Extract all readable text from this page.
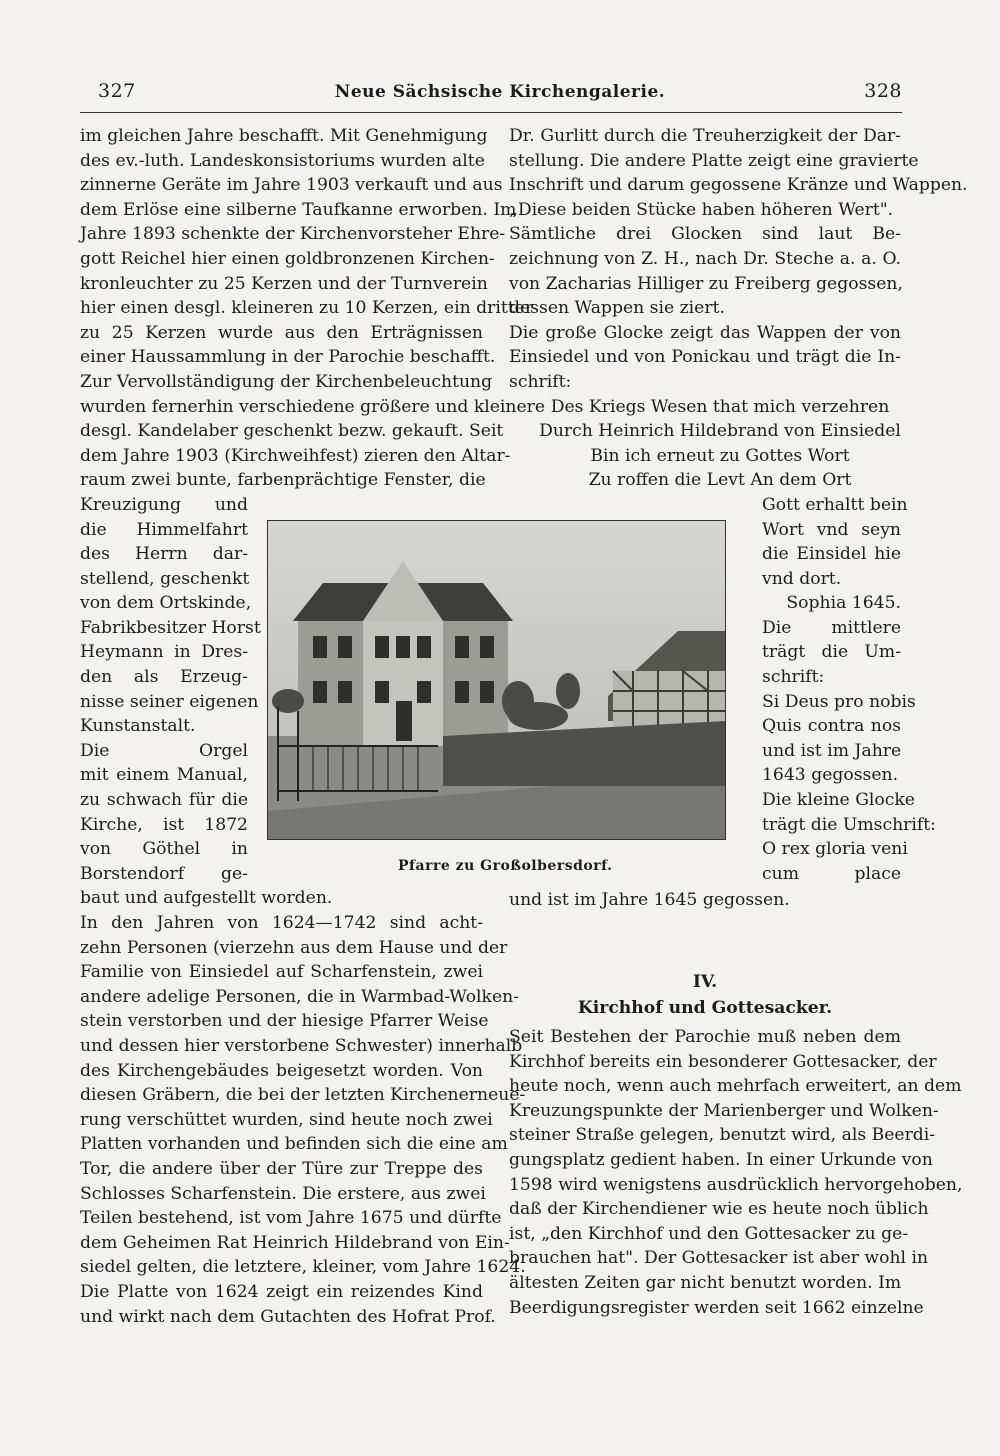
327	Neue Sächsische Kirchengalerie.	328
im gleichen Jahre beschafft. Mit Genehmigung
des ev.-luth. Landeskonsistoriums wurden alte
zinnerne Geräte im Jahre 1903 verkauft und aus
dem Erlöse eine silberne Taufkanne erworben. Im
Jahre 1893 schenkte der Kirchenvorsteher Ehre-
gott Reichel hier einen goldbronzenen Kirchen-
kronleuchter zu 25 Kerzen und der Turnverein
hier einen desgl. kleineren zu 10 Kerzen, ein dritter
zu 25 Kerzen wurde aus den Erträgnissen
einer Haussammlung in der Parochie beschafft.
Zur Vervollständigung der Kirchenbeleuchtung
wurden fernerhin verschiedene größere und kleinere
desgl. Kandelaber geschenkt bezw. gekauft. Seit
dem Jahre 1903 (Kirchweihfest) zieren den Altar-
raum zwei bunte, farbenprächtige Fenster, die
Kreuzigung und
die Himmelfahrt
des Herrn dar-
stellend, geschenkt
von dem Ortskinde,
Fabrikbesitzer Horst
Heymann in Dres-
den als Erzeug-
nisse seiner eigenen
Kunstanstalt.
Die Orgel
mit einem Manual,
zu schwach für die
Kirche, ist 1872
von Göthel in
Borstendorf ge-
baut und aufgestellt worden.
In den Jahren von 1624—1742 sind acht-
zehn Personen (vierzehn aus dem Hause und der
Familie von Einsiedel auf Scharfenstein, zwei
andere adelige Personen, die in Warmbad-Wolken-
stein verstorben und der hiesige Pfarrer Weise
und dessen hier verstorbene Schwester) innerhalb
des Kirchengebäudes beigesetzt worden. Von
diesen Gräbern, die bei der letzten Kirchenerneue-
rung verschüttet wurden, sind heute noch zwei
Platten vorhanden und befinden sich die eine am
Tor, die andere über der Türe zur Treppe des
Schlosses Scharfenstein. Die erstere, aus zwei
Teilen bestehend, ist vom Jahre 1675 und dürfte
dem Geheimen Rat Heinrich Hildebrand von Ein-
siedel gelten, die letztere, kleiner, vom Jahre 1624.
Die Platte von 1624 zeigt ein reizendes Kind
und wirkt nach dem Gutachten des Hofrat Prof.
Dr. Gurlitt durch die Treuherzigkeit der Dar-
stellung. Die andere Platte zeigt eine gravierte
Inschrift und darum gegossene Kränze und Wappen.
„Diese beiden Stücke haben höheren Wert".
Sämtliche drei Glocken sind laut Be-
zeichnung von Z. H., nach Dr. Steche a. a. O.
von Zacharias Hilliger zu Freiberg gegossen,
dessen Wappen sie ziert.
Die große Glocke zeigt das Wappen der von
Einsiedel und von Ponickau und trägt die In-
schrift:
Des Kriegs Wesen that mich verzehren
Durch Heinrich Hildebrand von Einsiedel
Bin ich erneut zu Gottes Wort
Zu roffen die Levt An dem Ort
Gott erhaltt bein
Wort vnd seyn
die Einsidel hie
vnd dort.
Sophia 1645.
Die mittlere
trägt die Um-
schrift:
Si Deus pro nobis
Quis contra nos
und ist im Jahre
1643 gegossen.
Die kleine Glocke
trägt die Umschrift:
O rex gloria veni
cum place
und ist im Jahre 1645 gegossen.
IV.
Kirchhof und Gottesacker.
Seit Bestehen der Parochie muß neben dem
Kirchhof bereits ein besonderer Gottesacker, der
heute noch, wenn auch mehrfach erweitert, an dem
Kreuzungspunkte der Marienberger und Wolken-
steiner Straße gelegen, benutzt wird, als Beerdi-
gungsplatz gedient haben. In einer Urkunde von
1598 wird wenigstens ausdrücklich hervorgehoben,
daß der Kirchendiener wie es heute noch üblich
ist, „den Kirchhof und den Gottesacker zu ge-
brauchen hat". Der Gottesacker ist aber wohl in
ältesten Zeiten gar nicht benutzt worden. Im
Beerdigungsregister werden seit 1662 einzelne
Pfarre zu Großolbersdorf.
